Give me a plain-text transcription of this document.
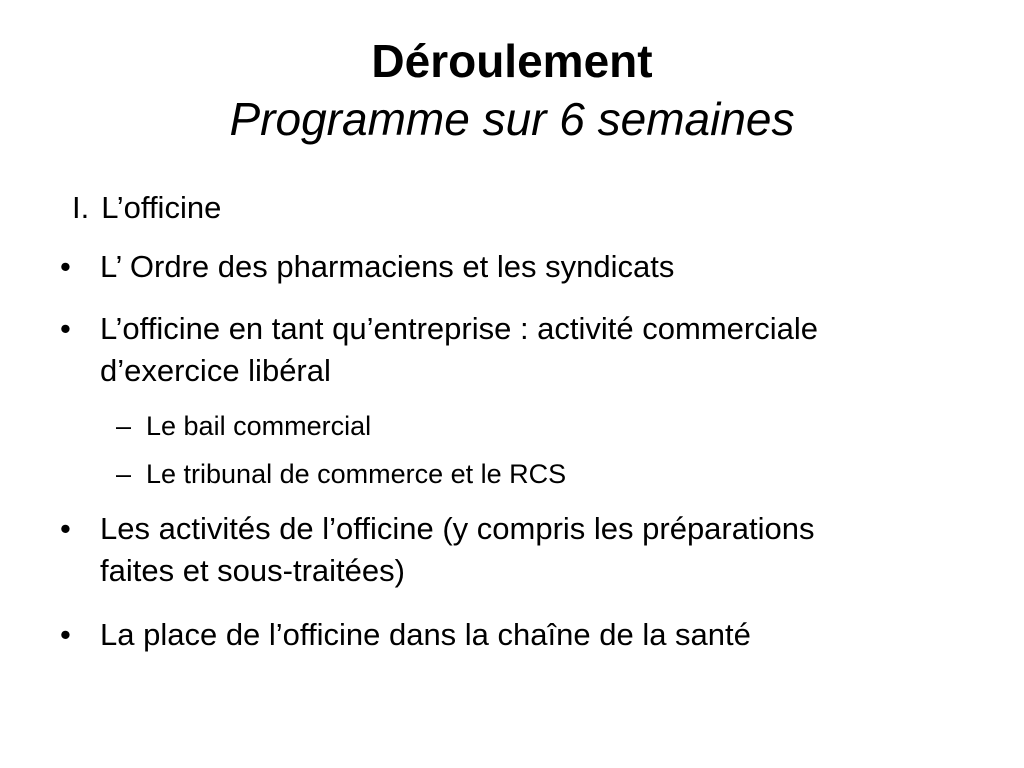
Déroulement
Programme sur 6 semaines
I. L’officine
• L’ Ordre des pharmaciens et les syndicats
• L’officine en tant qu’entreprise : activité commerciale d’exercice libéral
– Le bail commercial
– Le tribunal de commerce et le RCS
• Les activités de l’officine (y compris les préparations faites et sous-traitées)
• La place de l’officine dans la chaîne de la santé
